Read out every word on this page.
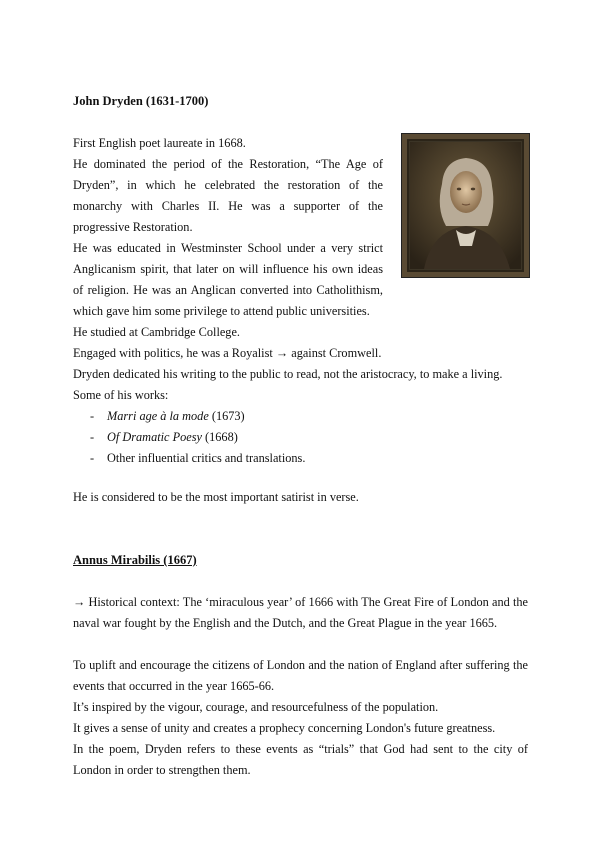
John Dryden (1631-1700)

First English poet laureate in 1668.

He dominated the period of the Restoration, “The Age of Dryden”, in which he celebrated the restoration of the monarchy with Charles II. He was a supporter of the progressive Restoration.

He was educated in Westminster School under a very strict Anglicanism spirit, that later on will influence his own ideas of religion. He was an Anglican converted into Catholithism, which gave him some privilege to attend public universities.

He studied at Cambridge College.

Engaged with politics, he was a Royalist → against Cromwell.

Dryden dedicated his writing to the public to read, not the aristocracy, to make a living.

Some of his works:

- Marri age à la mode (1673)
- Of Dramatic Poesy (1668)
- Other influential critics and translations.

He is considered to be the most important satirist in verse.

Annus Mirabilis (1667)

→ Historical context: The ‘miraculous year’ of 1666 with The Great Fire of London and the naval war fought by the English and the Dutch, and the Great Plague in the year 1665.

To uplift and encourage the citizens of London and the nation of England after suffering the events that occurred in the year 1665-66.

It’s inspired by the vigour, courage, and resourcefulness of the population.

It gives a sense of unity and creates a prophecy concerning London's future greatness.

In the poem, Dryden refers to these events as “trials” that God had sent to the city of London in order to strengthen them.
